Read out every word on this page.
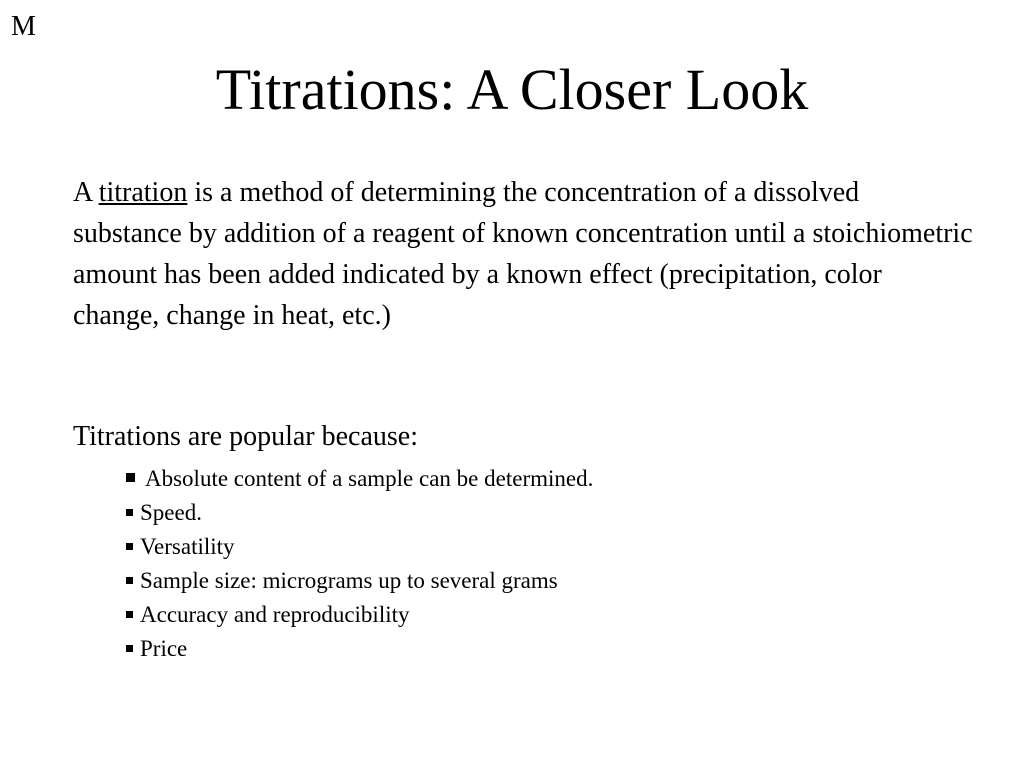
M
Titrations: A Closer Look

A titration is a method of determining the concentration of a dissolved substance by addition of a reagent of known concentration until a stoichiometric amount has been added indicated by a known effect (precipitation, color change, change in heat, etc.)

Titrations are popular because:

Absolute content of a sample can be determined.
Speed.
Versatility
Sample size: micrograms up to several grams
Accuracy and reproducibility
Price
